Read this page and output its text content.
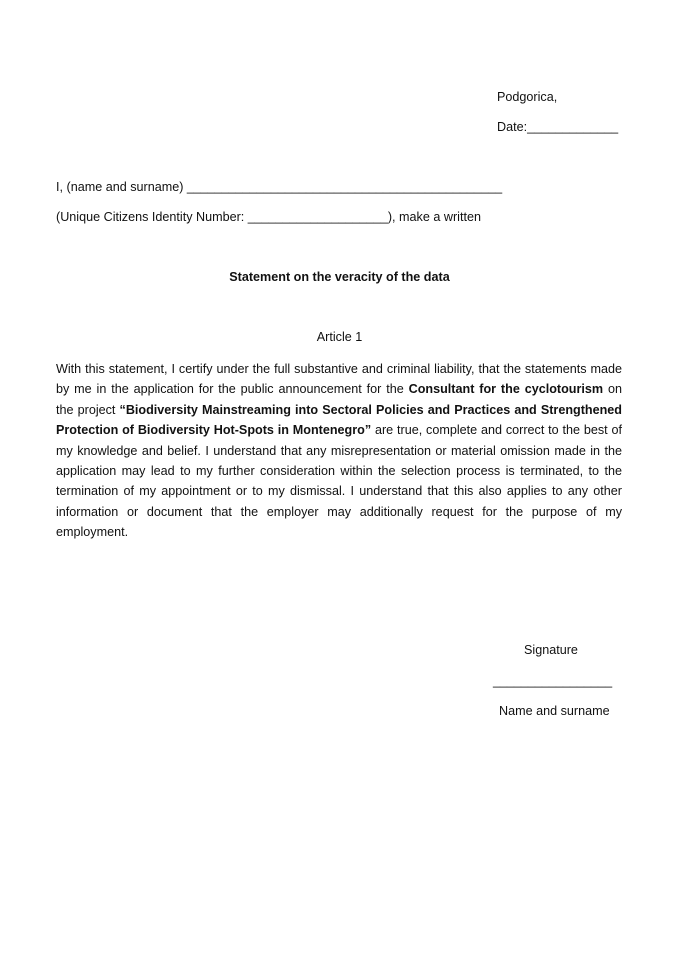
Podgorica,
Date:_____________
I, (name and surname) _____________________________________________
(Unique Citizens Identity Number: ____________________), make a written
Statement on the veracity of the data
Article 1
With this statement, I certify under the full substantive and criminal liability, that the statements made by me in the application for the public announcement for the Consultant for the cyclotourism on the project “Biodiversity Mainstreaming into Sectoral Policies and Practices and Strengthened Protection of Biodiversity Hot-Spots in Montenegro” are true, complete and correct to the best of my knowledge and belief. I understand that any misrepresentation or material omission made in the application may lead to my further consideration within the selection process is terminated, to the termination of my appointment or to my dismissal. I understand that this also applies to any other information or document that the employer may additionally request for the purpose of my employment.
Signature
_________________
Name and surname
